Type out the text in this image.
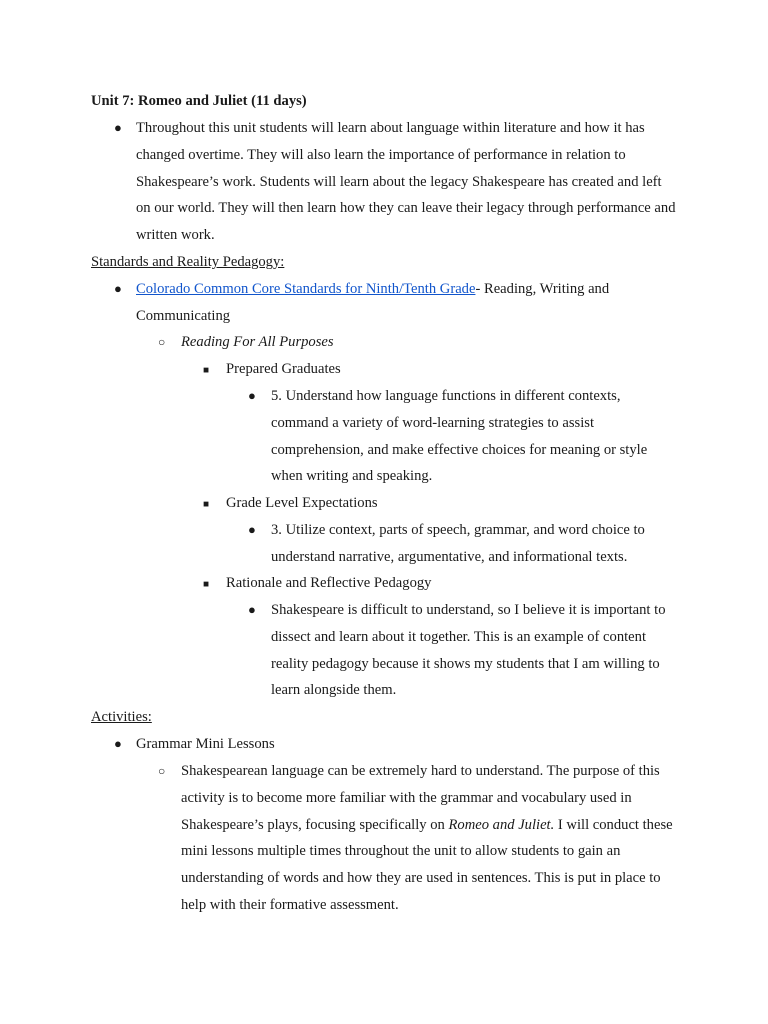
Unit 7: Romeo and Juliet (11 days)
●
Throughout this unit students will learn about language within literature and how it has changed overtime. They will also learn the importance of performance in relation to Shakespeare’s work. Students will learn about the legacy Shakespeare has created and left on our world. They will then learn how they can leave their legacy through performance and written work.
Standards and Reality Pedagogy:
●
Colorado Common Core Standards for Ninth/Tenth Grade- Reading, Writing and Communicating
○
Reading For All Purposes
■
Prepared Graduates
●
5. Understand how language functions in different contexts, command a variety of word-learning strategies to assist comprehension, and make effective choices for meaning or style when writing and speaking.
■
Grade Level Expectations
●
3. Utilize context, parts of speech, grammar, and word choice to understand narrative, argumentative, and informational texts.
■
Rationale and Reflective Pedagogy
●
Shakespeare is difficult to understand, so I believe it is important to dissect and learn about it together. This is an example of content reality pedagogy because it shows my students that I am willing to learn alongside them.
Activities:
●
Grammar Mini Lessons
○
Shakespearean language can be extremely hard to understand. The purpose of this activity is to become more familiar with the grammar and vocabulary used in Shakespeare’s plays, focusing specifically on Romeo and Juliet. I will conduct these mini lessons multiple times throughout the unit to allow students to gain an understanding of words and how they are used in sentences. This is put in place to help with their formative assessment.
